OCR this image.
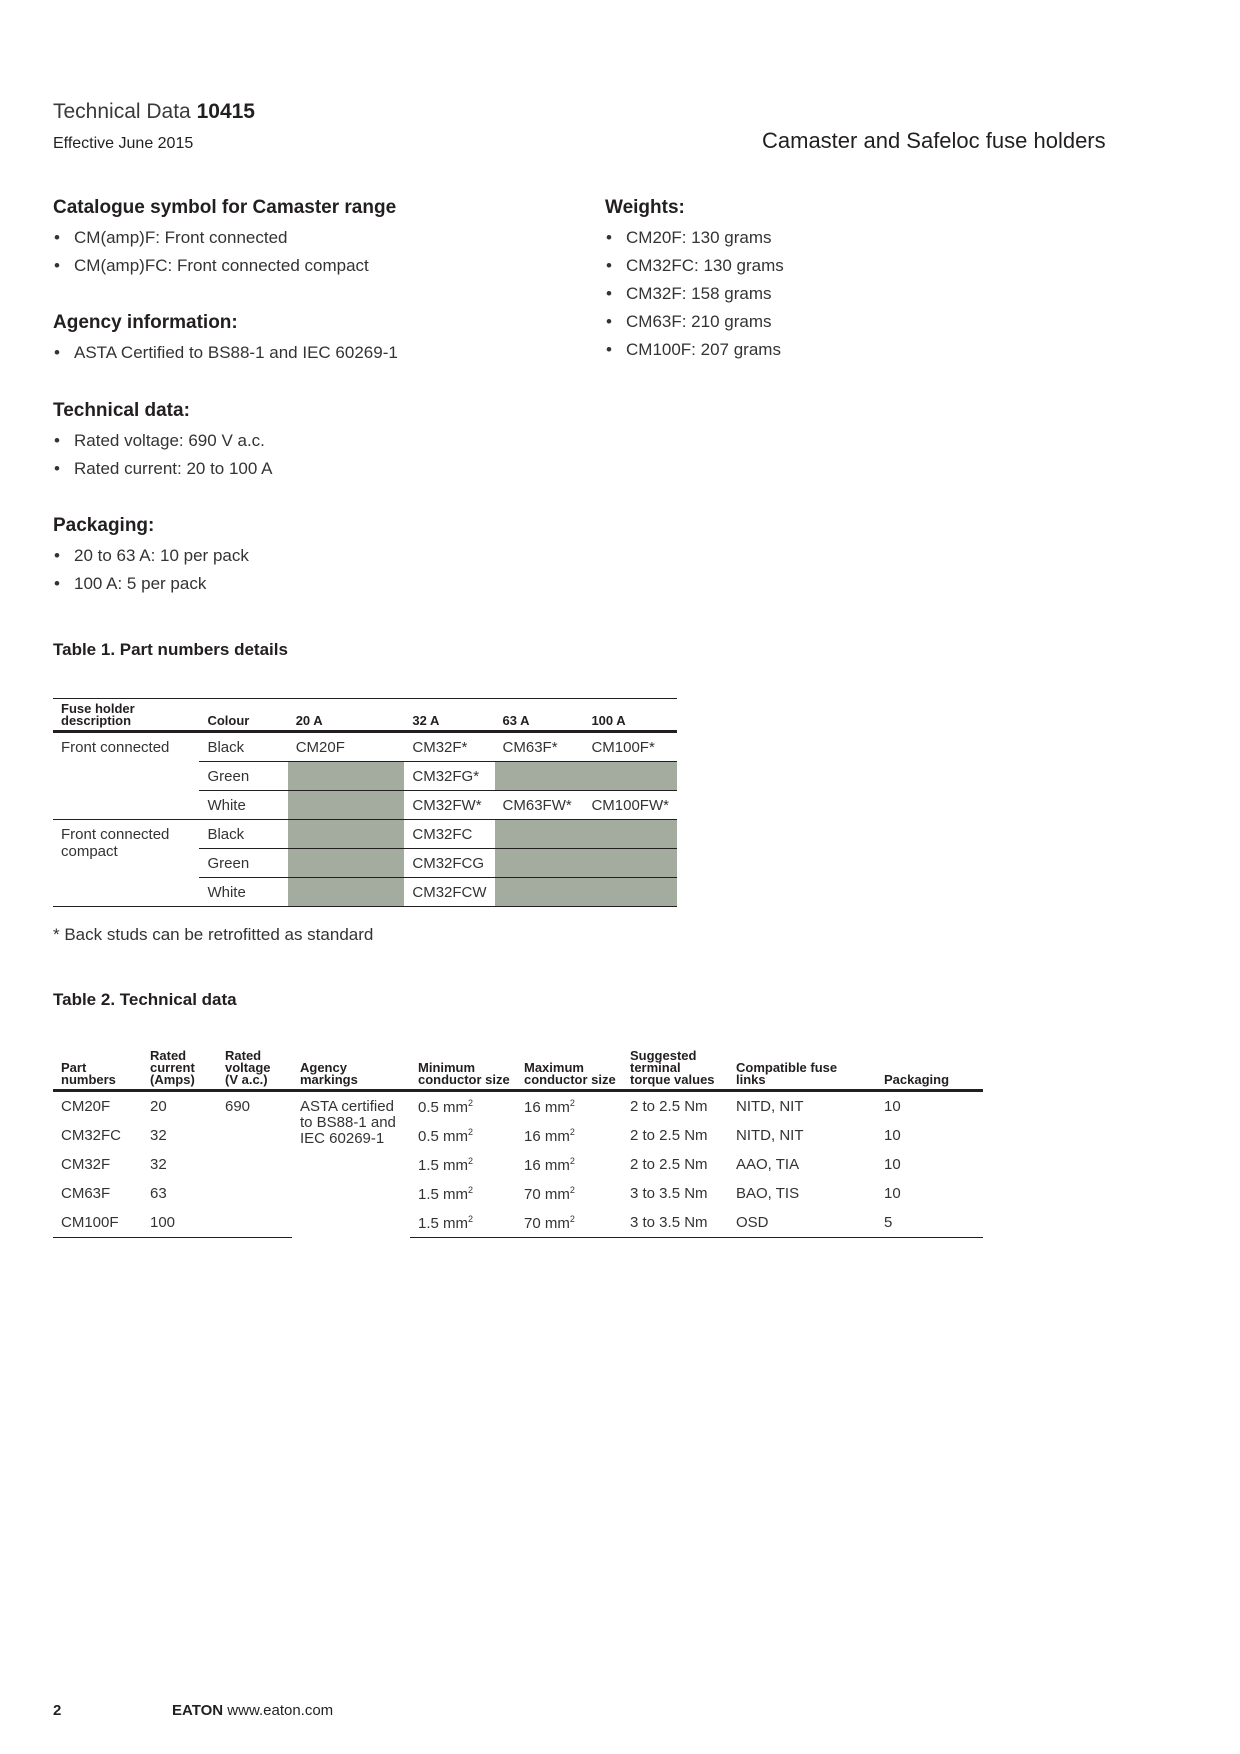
Technical Data 10415
Effective June 2015	Camaster and Safeloc fuse holders
Catalogue symbol for Camaster range
• CM(amp)F: Front connected
• CM(amp)FC: Front connected compact
Agency information:
• ASTA Certified to BS88-1 and IEC 60269-1
Technical data:
• Rated voltage: 690 V a.c.
• Rated current: 20 to 100 A
Packaging:
• 20 to 63 A: 10 per pack
• 100 A: 5 per pack
Weights:
• CM20F: 130 grams
• CM32FC: 130 grams
• CM32F: 158 grams
• CM63F: 210 grams
• CM100F: 207 grams
Table 1. Part numbers details
Fuse holder description	Colour	20 A	32 A	63 A	100 A
Front connected	Black	CM20F	CM32F*	CM63F*	CM100F*
	Green		CM32FG*		
	White		CM32FW*	CM63FW*	CM100FW*
Front connected compact	Black		CM32FC		
	Green		CM32FCG		
	White		CM32FCW		
* Back studs can be retrofitted as standard
Table 2. Technical data
Part numbers	Rated current (Amps)	Rated voltage (V a.c.)	Agency markings	Minimum conductor size	Maximum conductor size	Suggested terminal torque values	Compatible fuse links	Packaging
CM20F	20	690	ASTA certified to BS88-1 and IEC 60269-1	0.5 $mm^2$	16 $mm^2$	2 to 2.5 Nm	NITD, NIT	10
CM32FC	32			0.5 $mm^2$	16 $mm^2$	2 to 2.5 Nm	NITD, NIT	10
CM32F	32			1.5 $mm^2$	16 $mm^2$	2 to 2.5 Nm	AAO, TIA	10
CM63F	63			1.5 $mm^2$	70 $mm^2$	3 to 3.5 Nm	BAO, TIS	10
CM100F	100			1.5 $mm^2$	70 $mm^2$	3 to 3.5 Nm	OSD	5
2	EATON www.eaton.com
